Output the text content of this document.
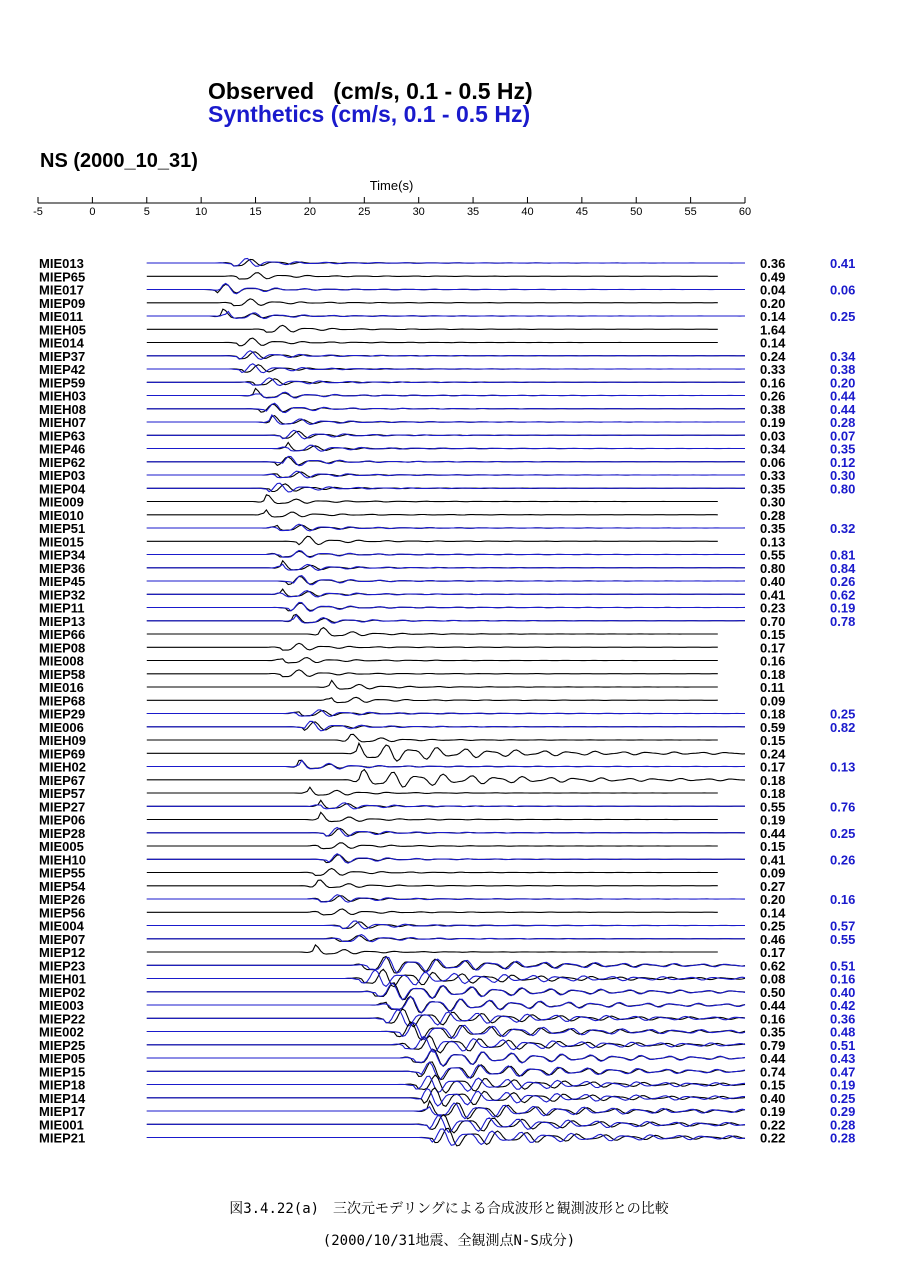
Observed   (cm/s, 0.1 - 0.5 Hz)
Synthetics (cm/s, 0.1 - 0.5 Hz)
NS (2000_10_31)
Time(s)
-5	0	5	10	15	20	25	30	35	40	45	50	55	60
MIE013	0.36	0.41
MIEP65	0.49
MIE017	0.04	0.06
MIEP09	0.20
MIE011	0.14	0.25
MIEH05	1.64
MIE014	0.14
MIEP37	0.24	0.34
MIEP42	0.33	0.38
MIEP59	0.16	0.20
MIEH03	0.26	0.44
MIEH08	0.38	0.44
MIEH07	0.19	0.28
MIEP63	0.03	0.07
MIEP46	0.34	0.35
MIEP62	0.06	0.12
MIEP03	0.33	0.30
MIEP04	0.35	0.80
MIE009	0.30
MIE010	0.28
MIEP51	0.35	0.32
MIE015	0.13
MIEP34	0.55	0.81
MIEP36	0.80	0.84
MIEP45	0.40	0.26
MIEP32	0.41	0.62
MIEP11	0.23	0.19
MIEP13	0.70	0.78
MIEP66	0.15
MIEP08	0.17
MIE008	0.16
MIEP58	0.18
MIE016	0.11
MIEP68	0.09
MIEP29	0.18	0.25
MIE006	0.59	0.82
MIEH09	0.15
MIEP69	0.24
MIEH02	0.17	0.13
MIEP67	0.18
MIEP57	0.18
MIEP27	0.55	0.76
MIEP06	0.19
MIEP28	0.44	0.25
MIE005	0.15
MIEH10	0.41	0.26
MIEP55	0.09
MIEP54	0.27
MIEP26	0.20	0.16
MIEP56	0.14
MIE004	0.25	0.57
MIEP07	0.46	0.55
MIEP12	0.17
MIEP23	0.62	0.51
MIEH01	0.08	0.16
MIEP02	0.50	0.40
MIE003	0.44	0.42
MIEP22	0.16	0.36
MIE002	0.35	0.48
MIEP25	0.79	0.51
MIEP05	0.44	0.43
MIEP15	0.74	0.47
MIEP18	0.15	0.19
MIEP14	0.40	0.25
MIEP17	0.19	0.29
MIE001	0.22	0.28
MIEP21	0.22	0.28
図3.4.22(a)　三次元モデリングによる合成波形と観測波形との比較
(2000/10/31地震、全観測点N-S成分)
